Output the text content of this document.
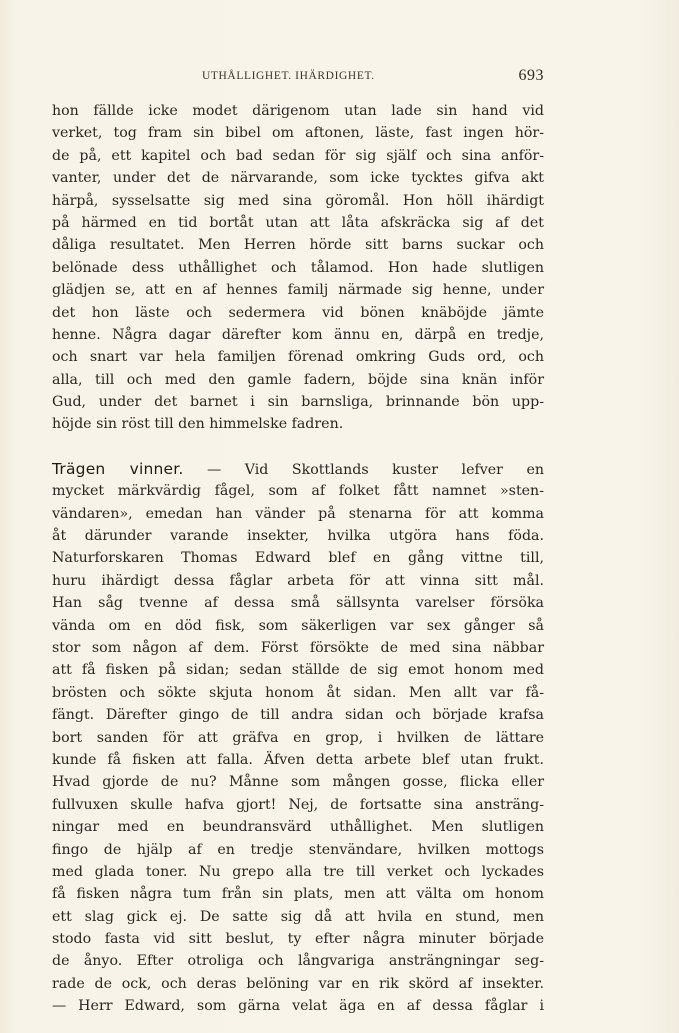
UTHÅLLIGHET. IHÄRDIGHET.	693
hon fällde icke modet därigenom utan lade sin hand vid
verket, tog fram sin bibel om aftonen, läste, fast ingen hör-
de på, ett kapitel och bad sedan för sig själf och sina anför-
vanter, under det de närvarande, som icke tycktes gifva akt
härpå, sysselsatte sig med sina göromål. Hon höll ihärdigt
på härmed en tid bortåt utan att låta afskräcka sig af det
dåliga resultatet. Men Herren hörde sitt barns suckar och
belönade dess uthållighet och tålamod. Hon hade slutligen
glädjen se, att en af hennes familj närmade sig henne, under
det hon läste och sedermera vid bönen knäböjde jämte
henne. Några dagar därefter kom ännu en, därpå en tredje,
och snart var hela familjen förenad omkring Guds ord, och
alla, till och med den gamle fadern, böjde sina knän inför
Gud, under det barnet i sin barnsliga, brinnande bön upp-
höjde sin röst till den himmelske fadren.
Trägen vinner. — Vid Skottlands kuster lefver en
mycket märkvärdig fågel, som af folket fått namnet »sten-
vändaren», emedan han vänder på stenarna för att komma
åt därunder varande insekter, hvilka utgöra hans föda.
Naturforskaren Thomas Edward blef en gång vittne till,
huru ihärdigt dessa fåglar arbeta för att vinna sitt mål.
Han såg tvenne af dessa små sällsynta varelser försöka
vända om en död fisk, som säkerligen var sex gånger så
stor som någon af dem. Först försökte de med sina näbbar
att få fisken på sidan; sedan ställde de sig emot honom med
brösten och sökte skjuta honom åt sidan. Men allt var få-
fängt. Därefter gingo de till andra sidan och började krafsa
bort sanden för att gräfva en grop, i hvilken de lättare
kunde få fisken att falla. Äfven detta arbete blef utan frukt.
Hvad gjorde de nu? Månne som mången gosse, flicka eller
fullvuxen skulle hafva gjort! Nej, de fortsatte sina ansträng-
ningar med en beundransvärd uthållighet. Men slutligen
fingo de hjälp af en tredje stenvändare, hvilken mottogs
med glada toner. Nu grepo alla tre till verket och lyckades
få fisken några tum från sin plats, men att välta om honom
ett slag gick ej. De satte sig då att hvila en stund, men
stodo fasta vid sitt beslut, ty efter några minuter började
de ånyo. Efter otroliga och långvariga ansträngningar seg-
rade de ock, och deras belöning var en rik skörd af insekter.
— Herr Edward, som gärna velat äga en af dessa fåglar i
